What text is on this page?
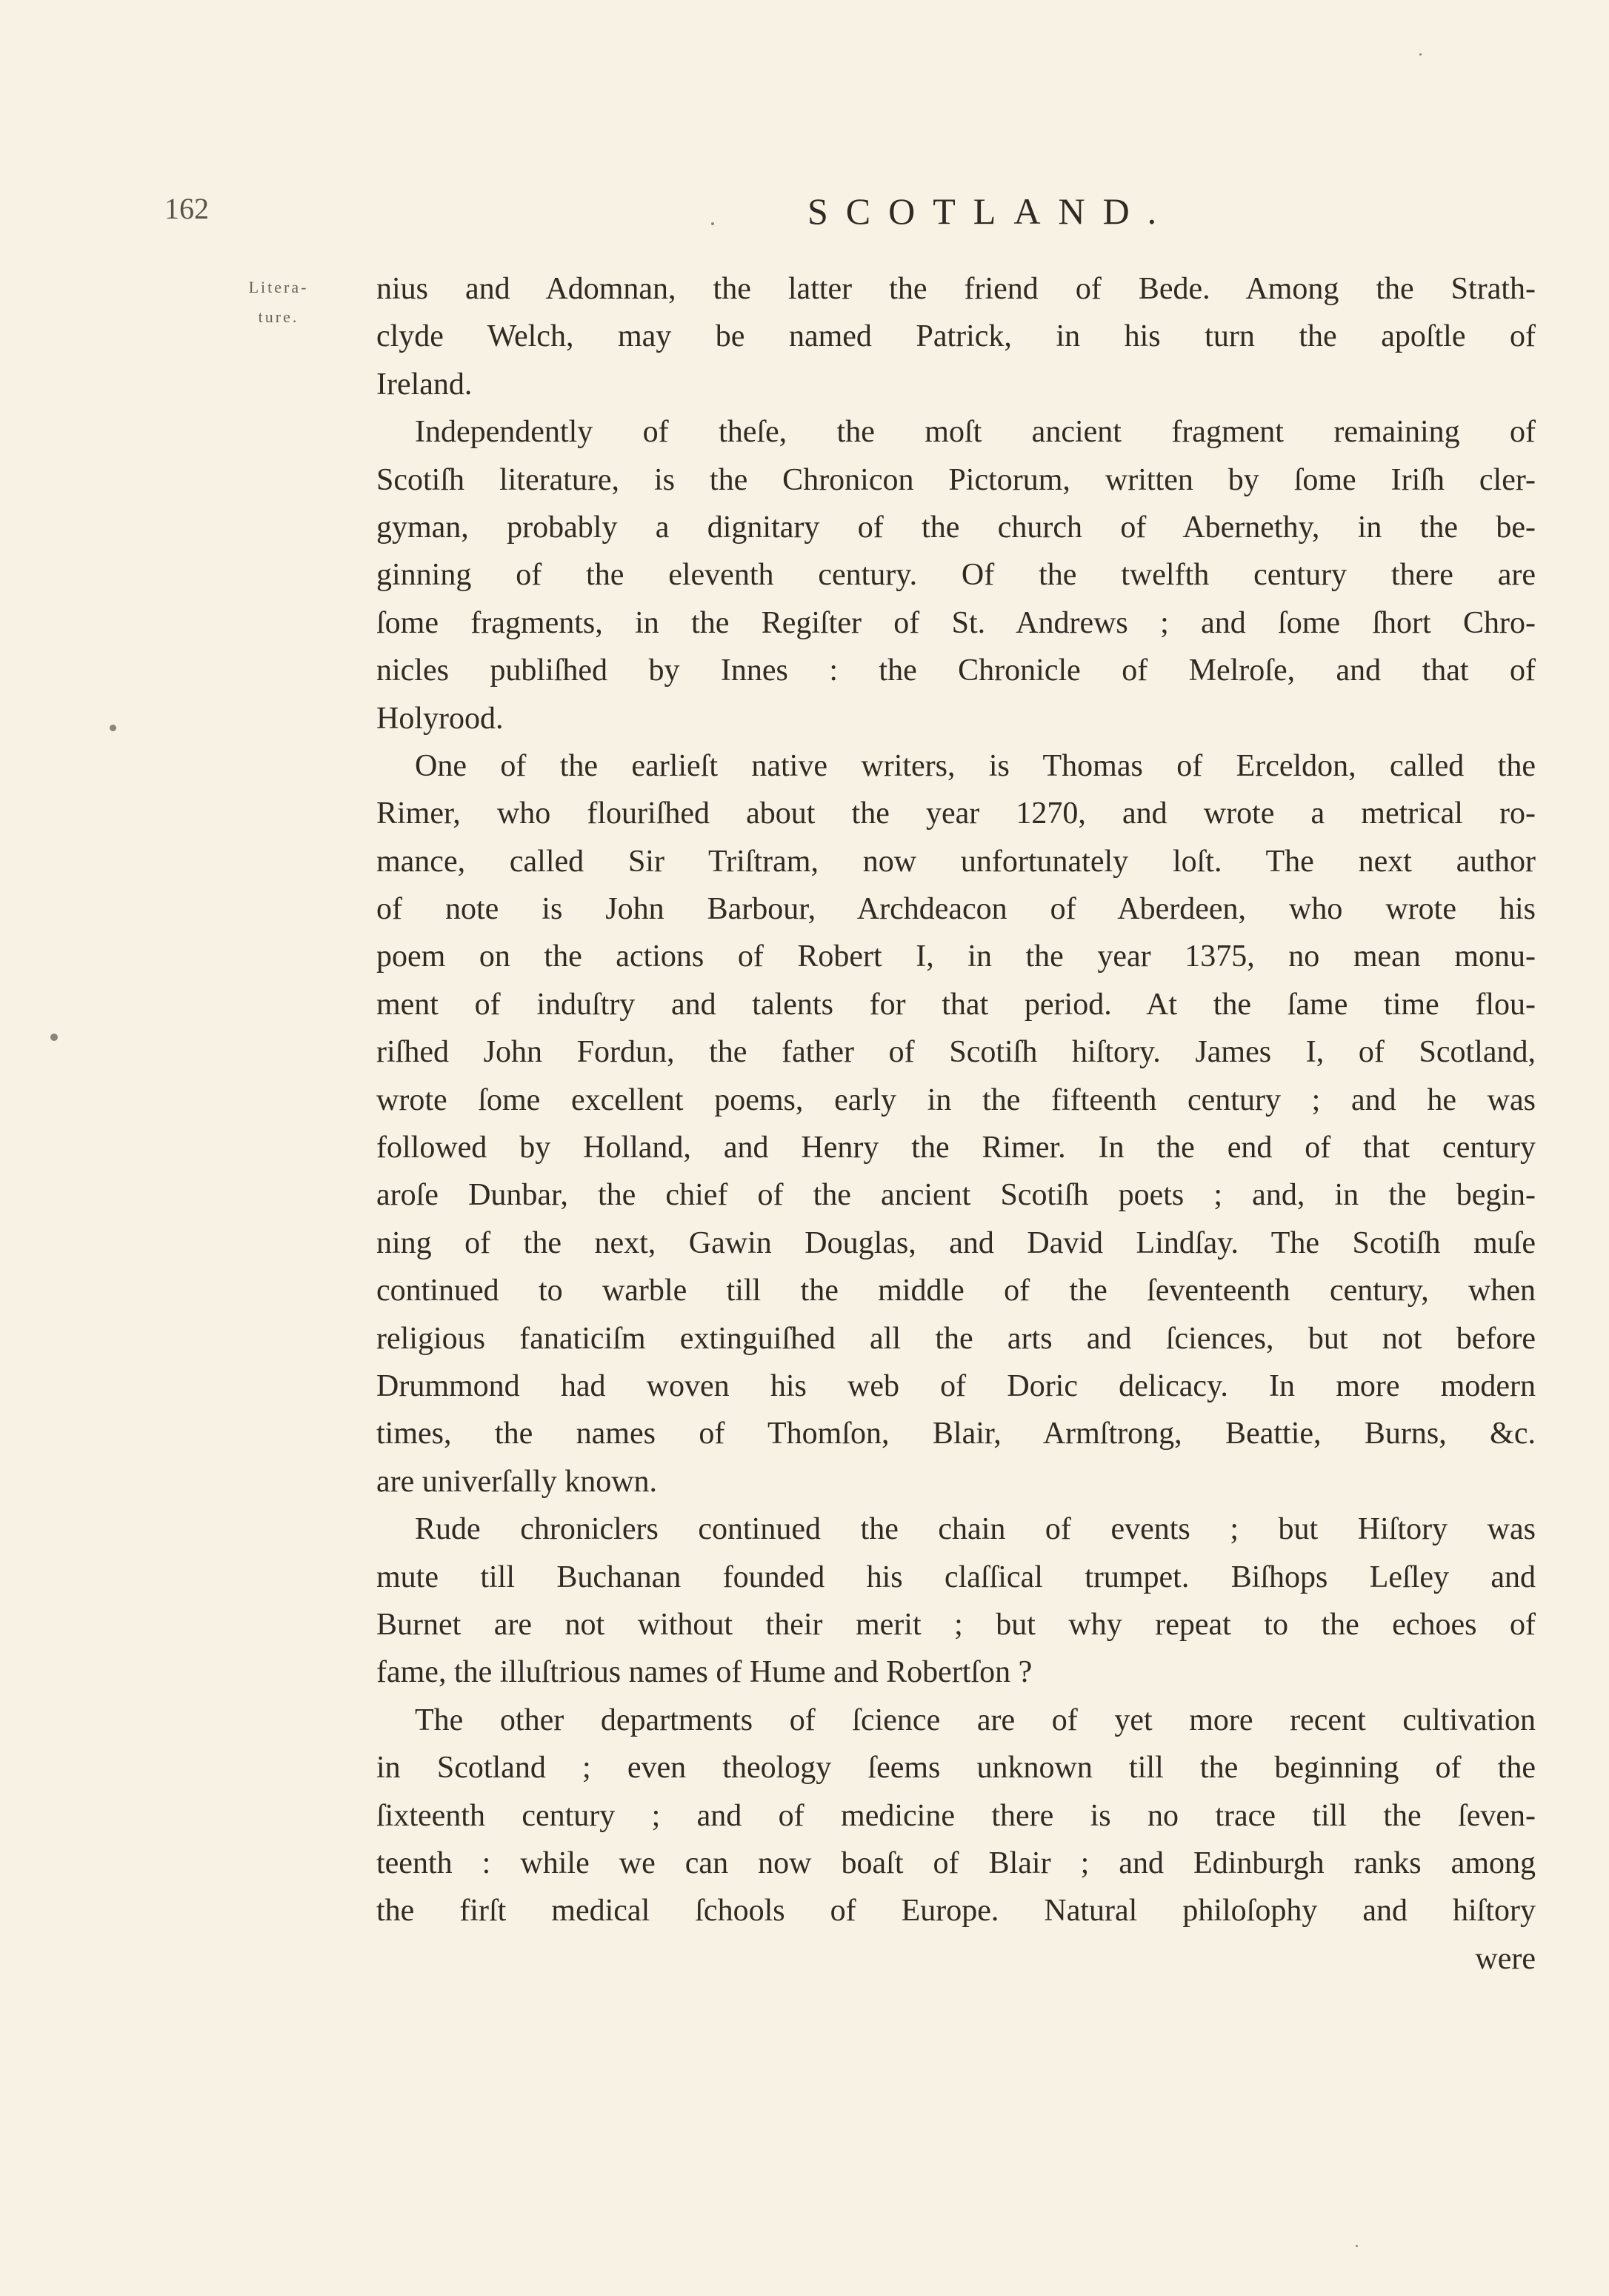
162	SCOTLAND.
Litera-
ture.
nius and Adomnan, the latter the friend of Bede. Among the Strath-
clyde Welch, may be named Patrick, in his turn the apoſtle of
Ireland.
Independently of theſe, the moſt ancient fragment remaining of
Scotiſh literature, is the Chronicon Pictorum, written by ſome Iriſh cler-
gyman, probably a dignitary of the church of Abernethy, in the be-
ginning of the eleventh century. Of the twelfth century there are
ſome fragments, in the Regiſter of St. Andrews ; and ſome ſhort Chro-
nicles publiſhed by Innes : the Chronicle of Melroſe, and that of
Holyrood.
One of the earlieſt native writers, is Thomas of Erceldon, called the
Rimer, who flouriſhed about the year 1270, and wrote a metrical ro-
mance, called Sir Triſtram, now unfortunately loſt. The next author
of note is John Barbour, Archdeacon of Aberdeen, who wrote his
poem on the actions of Robert I, in the year 1375, no mean monu-
ment of induſtry and talents for that period. At the ſame time flou-
riſhed John Fordun, the father of Scotiſh hiſtory. James I, of Scotland,
wrote ſome excellent poems, early in the fifteenth century ; and he was
followed by Holland, and Henry the Rimer. In the end of that century
aroſe Dunbar, the chief of the ancient Scotiſh poets ; and, in the begin-
ning of the next, Gawin Douglas, and David Lindſay. The Scotiſh muſe
continued to warble till the middle of the ſeventeenth century, when
religious fanaticiſm extinguiſhed all the arts and ſciences, but not before
Drummond had woven his web of Doric delicacy. In more modern
times, the names of Thomſon, Blair, Armſtrong, Beattie, Burns, &c.
are univerſally known.
Rude chroniclers continued the chain of events ; but Hiſtory was
mute till Buchanan founded his claſſical trumpet. Biſhops Leſley and
Burnet are not without their merit ; but why repeat to the echoes of
fame, the illuſtrious names of Hume and Robertſon ?
The other departments of ſcience are of yet more recent cultivation
in Scotland ; even theology ſeems unknown till the beginning of the
ſixteenth century ; and of medicine there is no trace till the ſeven-
teenth : while we can now boaſt of Blair ; and Edinburgh ranks among
the firſt medical ſchools of Europe. Natural philoſophy and hiſtory
were
